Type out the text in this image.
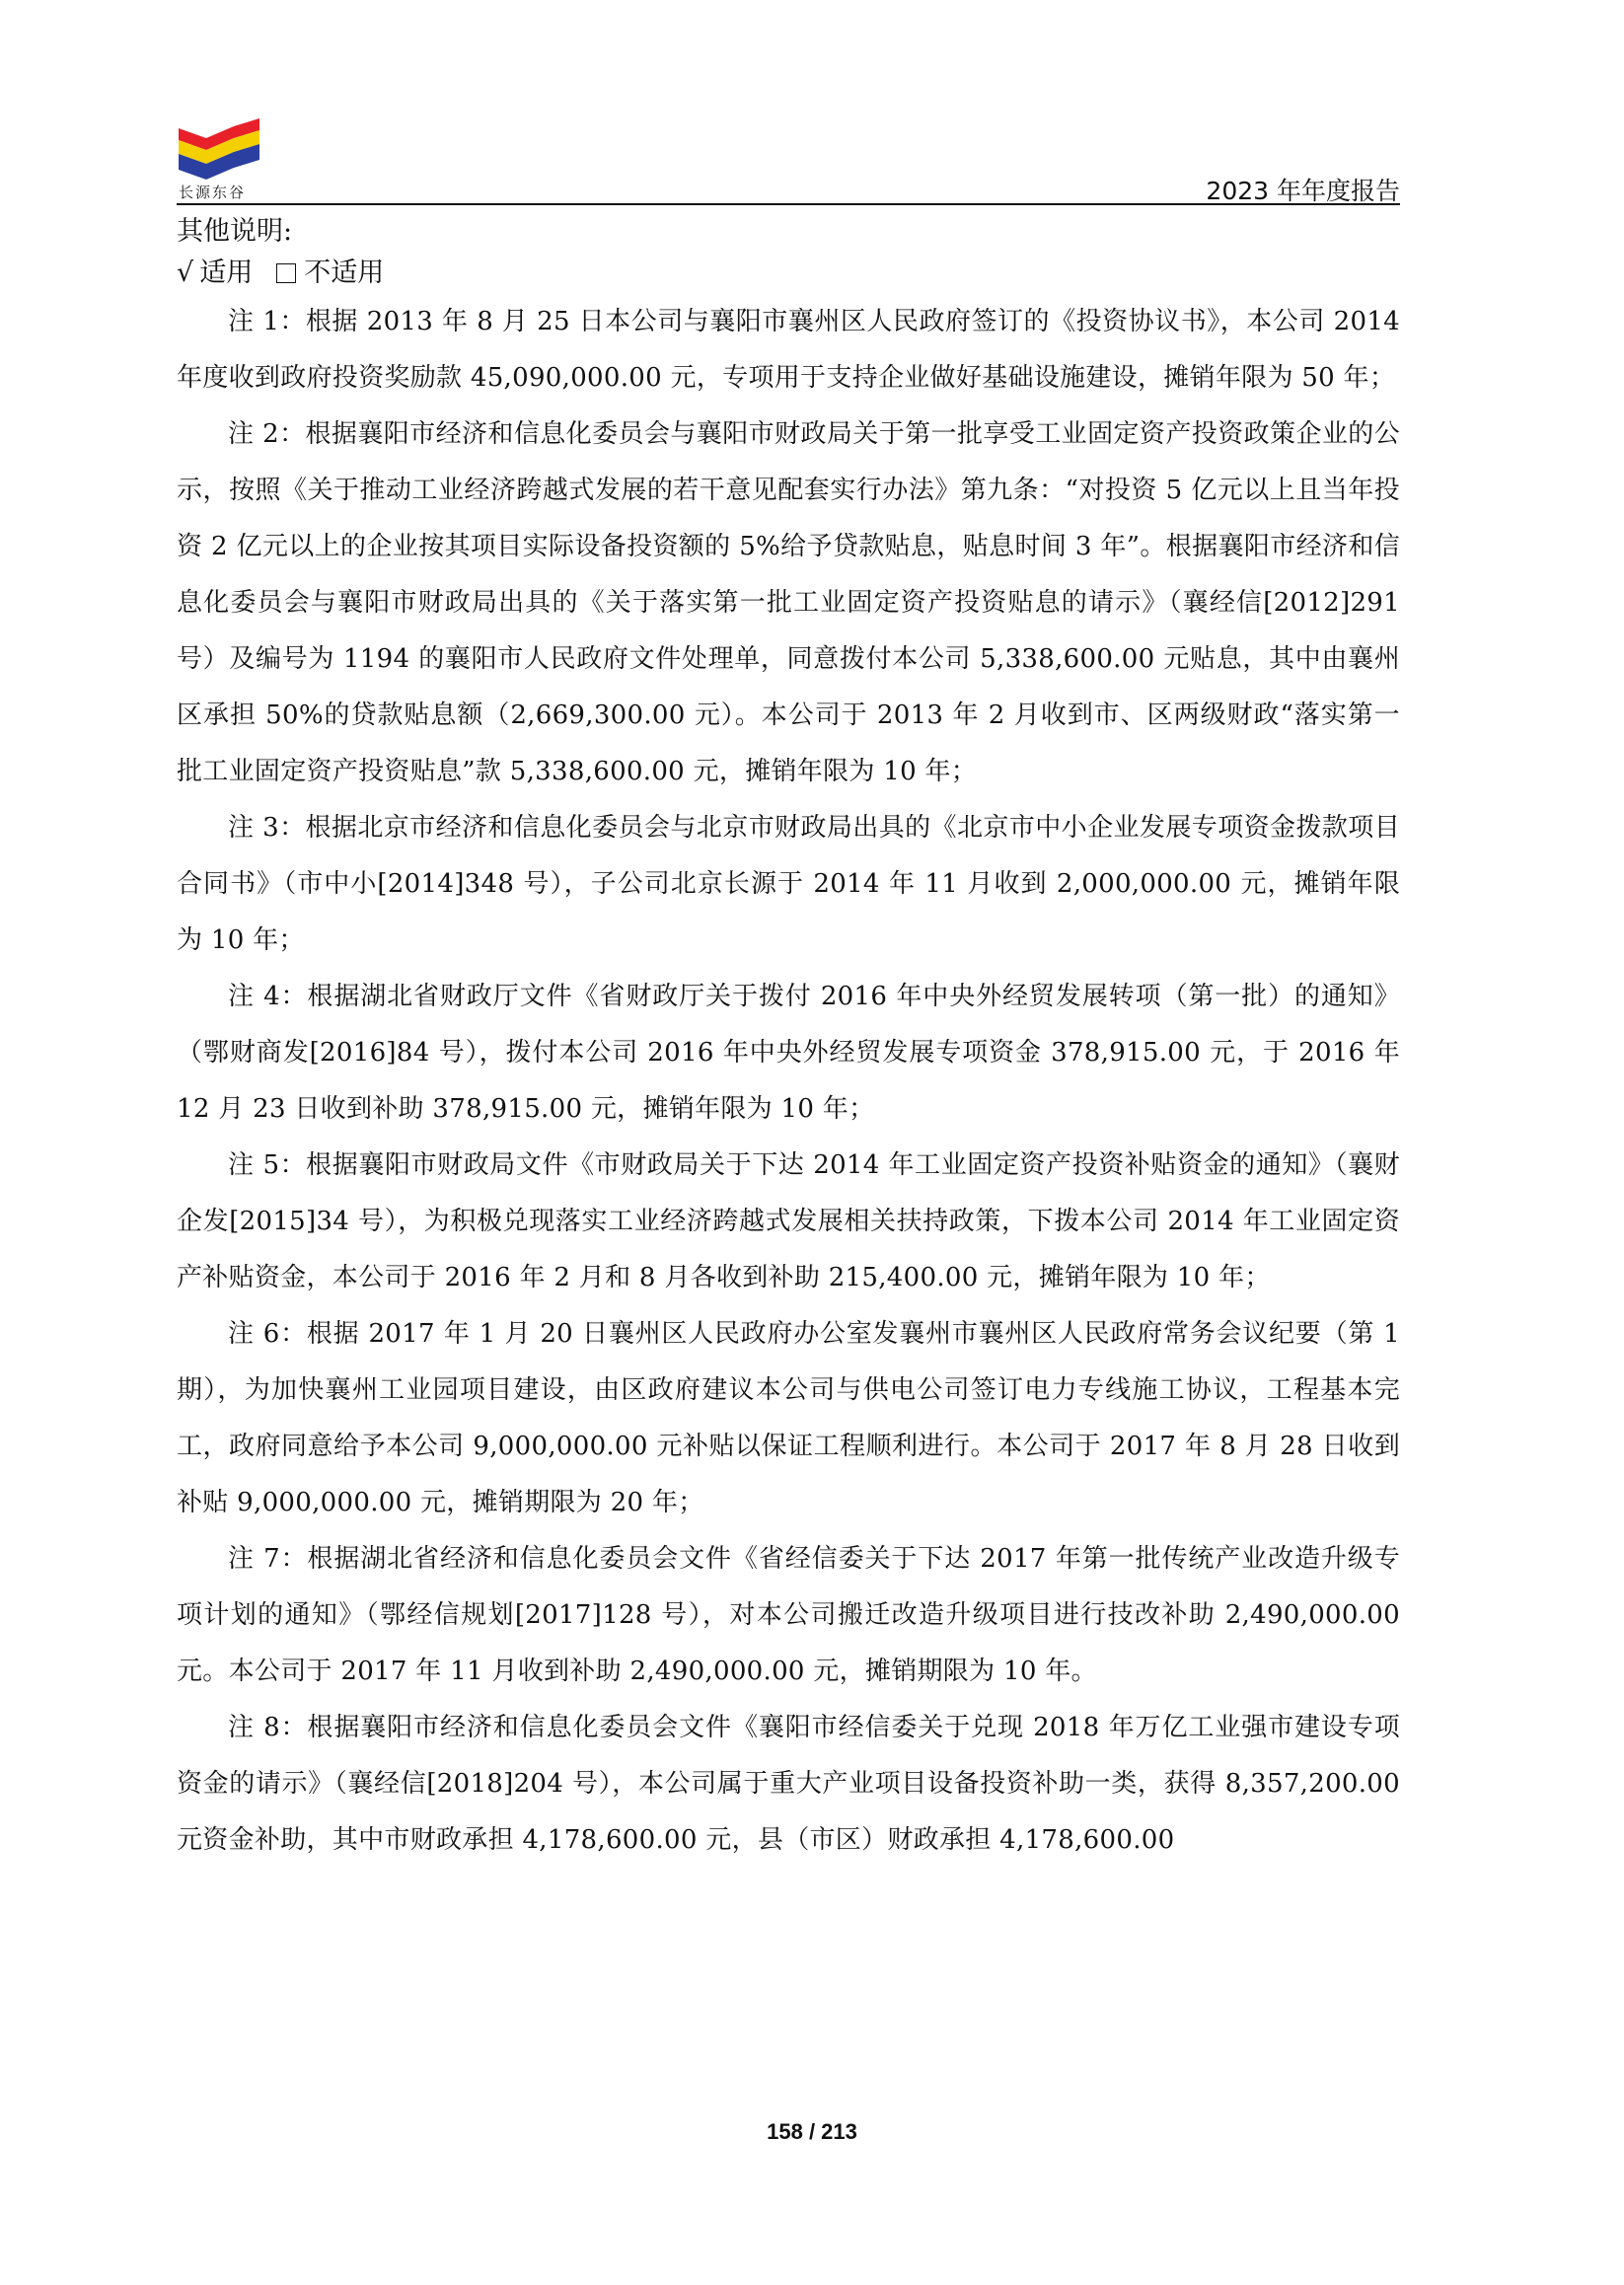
长源东谷	2023 年年度报告

其他说明:

√ 适用 不适用

注 1：根据 2013 年 8 月 25 日本公司与襄阳市襄州区人民政府签订的《投资协议书》，本公司 2014 年度收到政府投资奖励款 45,090,000.00 元，专项用于支持企业做好基础设施建设，摊销年限为 50 年；

注 2：根据襄阳市经济和信息化委员会与襄阳市财政局关于第一批享受工业固定资产投资政策企业的公示，按照《关于推动工业经济跨越式发展的若干意见配套实行办法》第九条：“对投资 5 亿元以上且当年投资 2 亿元以上的企业按其项目实际设备投资额的 5%给予贷款贴息，贴息时间 3 年”。根据襄阳市经济和信息化委员会与襄阳市财政局出具的《关于落实第一批工业固定资产投资贴息的请示》（襄经信[2012]291 号）及编号为 1194 的襄阳市人民政府文件处理单，同意拨付本公司 5,338,600.00 元贴息，其中由襄州区承担 50%的贷款贴息额（2,669,300.00 元）。本公司于 2013 年 2 月收到市、区两级财政“落实第一批工业固定资产投资贴息”款 5,338,600.00 元，摊销年限为 10 年；

注 3：根据北京市经济和信息化委员会与北京市财政局出具的《北京市中小企业发展专项资金拨款项目合同书》（市中小[2014]348 号），子公司北京长源于 2014 年 11 月收到 2,000,000.00 元，摊销年限为 10 年；

注 4：根据湖北省财政厅文件《省财政厅关于拨付 2016 年中央外经贸发展转项（第一批）的通知》（鄂财商发[2016]84 号），拨付本公司 2016 年中央外经贸发展专项资金 378,915.00 元，于 2016 年 12 月 23 日收到补助 378,915.00 元，摊销年限为 10 年；

注 5：根据襄阳市财政局文件《市财政局关于下达 2014 年工业固定资产投资补贴资金的通知》（襄财企发[2015]34 号），为积极兑现落实工业经济跨越式发展相关扶持政策，下拨本公司 2014 年工业固定资产补贴资金，本公司于 2016 年 2 月和 8 月各收到补助 215,400.00 元，摊销年限为 10 年；

注 6：根据 2017 年 1 月 20 日襄州区人民政府办公室发襄州市襄州区人民政府常务会议纪要（第 1 期），为加快襄州工业园项目建设，由区政府建议本公司与供电公司签订电力专线施工协议，工程基本完工，政府同意给予本公司 9,000,000.00 元补贴以保证工程顺利进行。本公司于 2017 年 8 月 28 日收到补贴 9,000,000.00 元，摊销期限为 20 年；

注 7：根据湖北省经济和信息化委员会文件《省经信委关于下达 2017 年第一批传统产业改造升级专项计划的通知》（鄂经信规划[2017]128 号），对本公司搬迁改造升级项目进行技改补助 2,490,000.00 元。本公司于 2017 年 11 月收到补助 2,490,000.00 元，摊销期限为 10 年。

注 8：根据襄阳市经济和信息化委员会文件《襄阳市经信委关于兑现 2018 年万亿工业强市建设专项资金的请示》（襄经信[2018]204 号），本公司属于重大产业项目设备投资补助一类，获得 8,357,200.00 元资金补助，其中市财政承担 4,178,600.00 元，县（市区）财政承担 4,178,600.00

158 / 213
